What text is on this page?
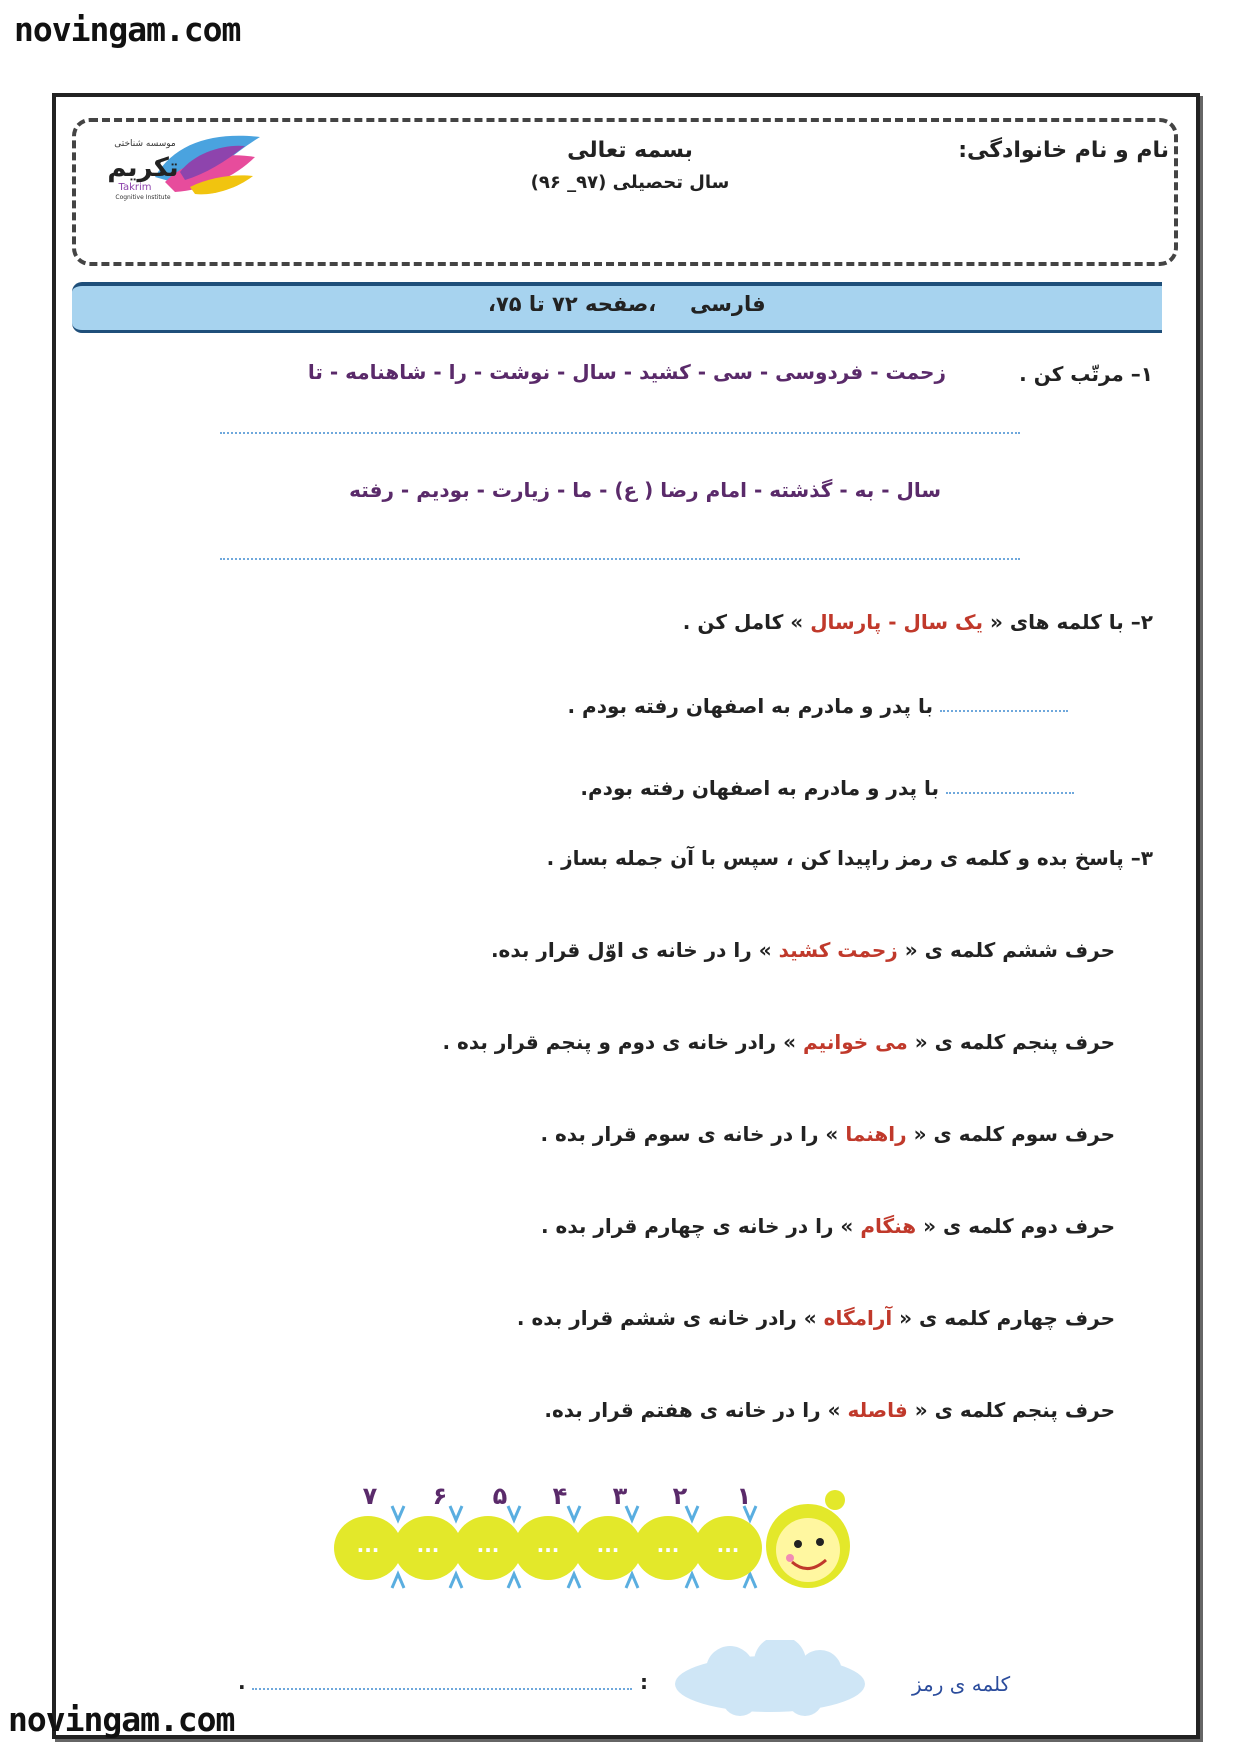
novingam.com
تکریم
موسسه شناختی
Takrim
Cognitive Institute
نام و نام خانوادگی:
بسمه تعالی
سال تحصیلی (۹۷_ ۹۶)
،صفحه ۷۲ تا ۷۵، فارسی
۱– مرتّب کن .
زحمت - فردوسی - سی - کشید - سال - نوشت - را - شاهنامه - تا
سال - به - گذشته - امام رضا ( ع) - ما - زیارت - بودیم - رفته
۲– با کلمه های « یک سال - پارسال » کامل کن .
با پدر و مادرم به اصفهان رفته بودم .
با پدر و مادرم به اصفهان رفته بودم.
۳– پاسخ بده و کلمه ی رمز راپیدا کن ، سپس با آن جمله بساز .
حرف ششم کلمه ی « زحمت کشید » را در خانه ی اوّل قرار بده.
حرف پنجم کلمه ی « می خوانیم » رادر خانه ی دوم و پنجم قرار بده .
حرف سوم کلمه ی « راهنما » را در خانه ی سوم قرار بده .
حرف دوم کلمه ی « هنگام » را در خانه ی چهارم قرار بده .
حرف چهارم کلمه ی « آرامگاه » رادر خانه ی ششم قرار بده .
حرف پنجم کلمه ی « فاصله » را در خانه ی هفتم قرار بده.
...
...
...
...
...
...
...
۱
۲
۳
۴
۵
۶
۷
کلمه ی رمز
:
.
novingam.com
